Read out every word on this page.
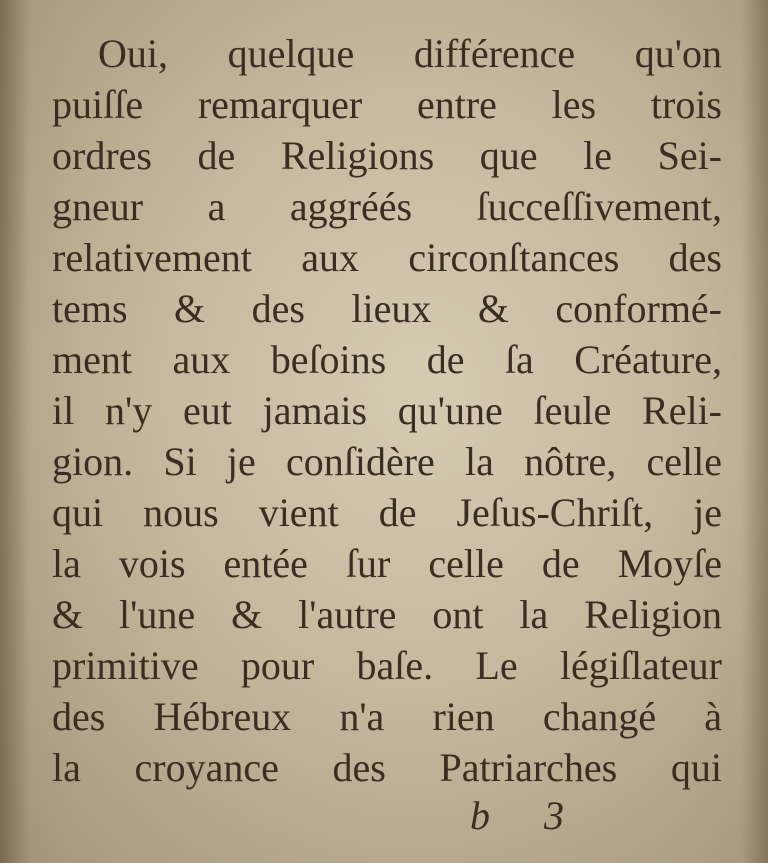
Oui, quelque différence qu'on
puiſſe remarquer entre les trois
ordres de Religions que le Sei-
gneur a aggréés ſucceſſivement,
relativement aux circonſtances des
tems & des lieux & conformé-
ment aux beſoins de ſa Créature,
il n'y eut jamais qu'une ſeule Reli-
gion. Si je conſidère la nôtre, celle
qui nous vient de Jeſus-Chriſt, je
la vois entée ſur celle de Moyſe
& l'une & l'autre ont la Religion
primitive pour baſe. Le légiſlateur
des Hébreux n'a rien changé à
la croyance des Patriarches qui
b 3
